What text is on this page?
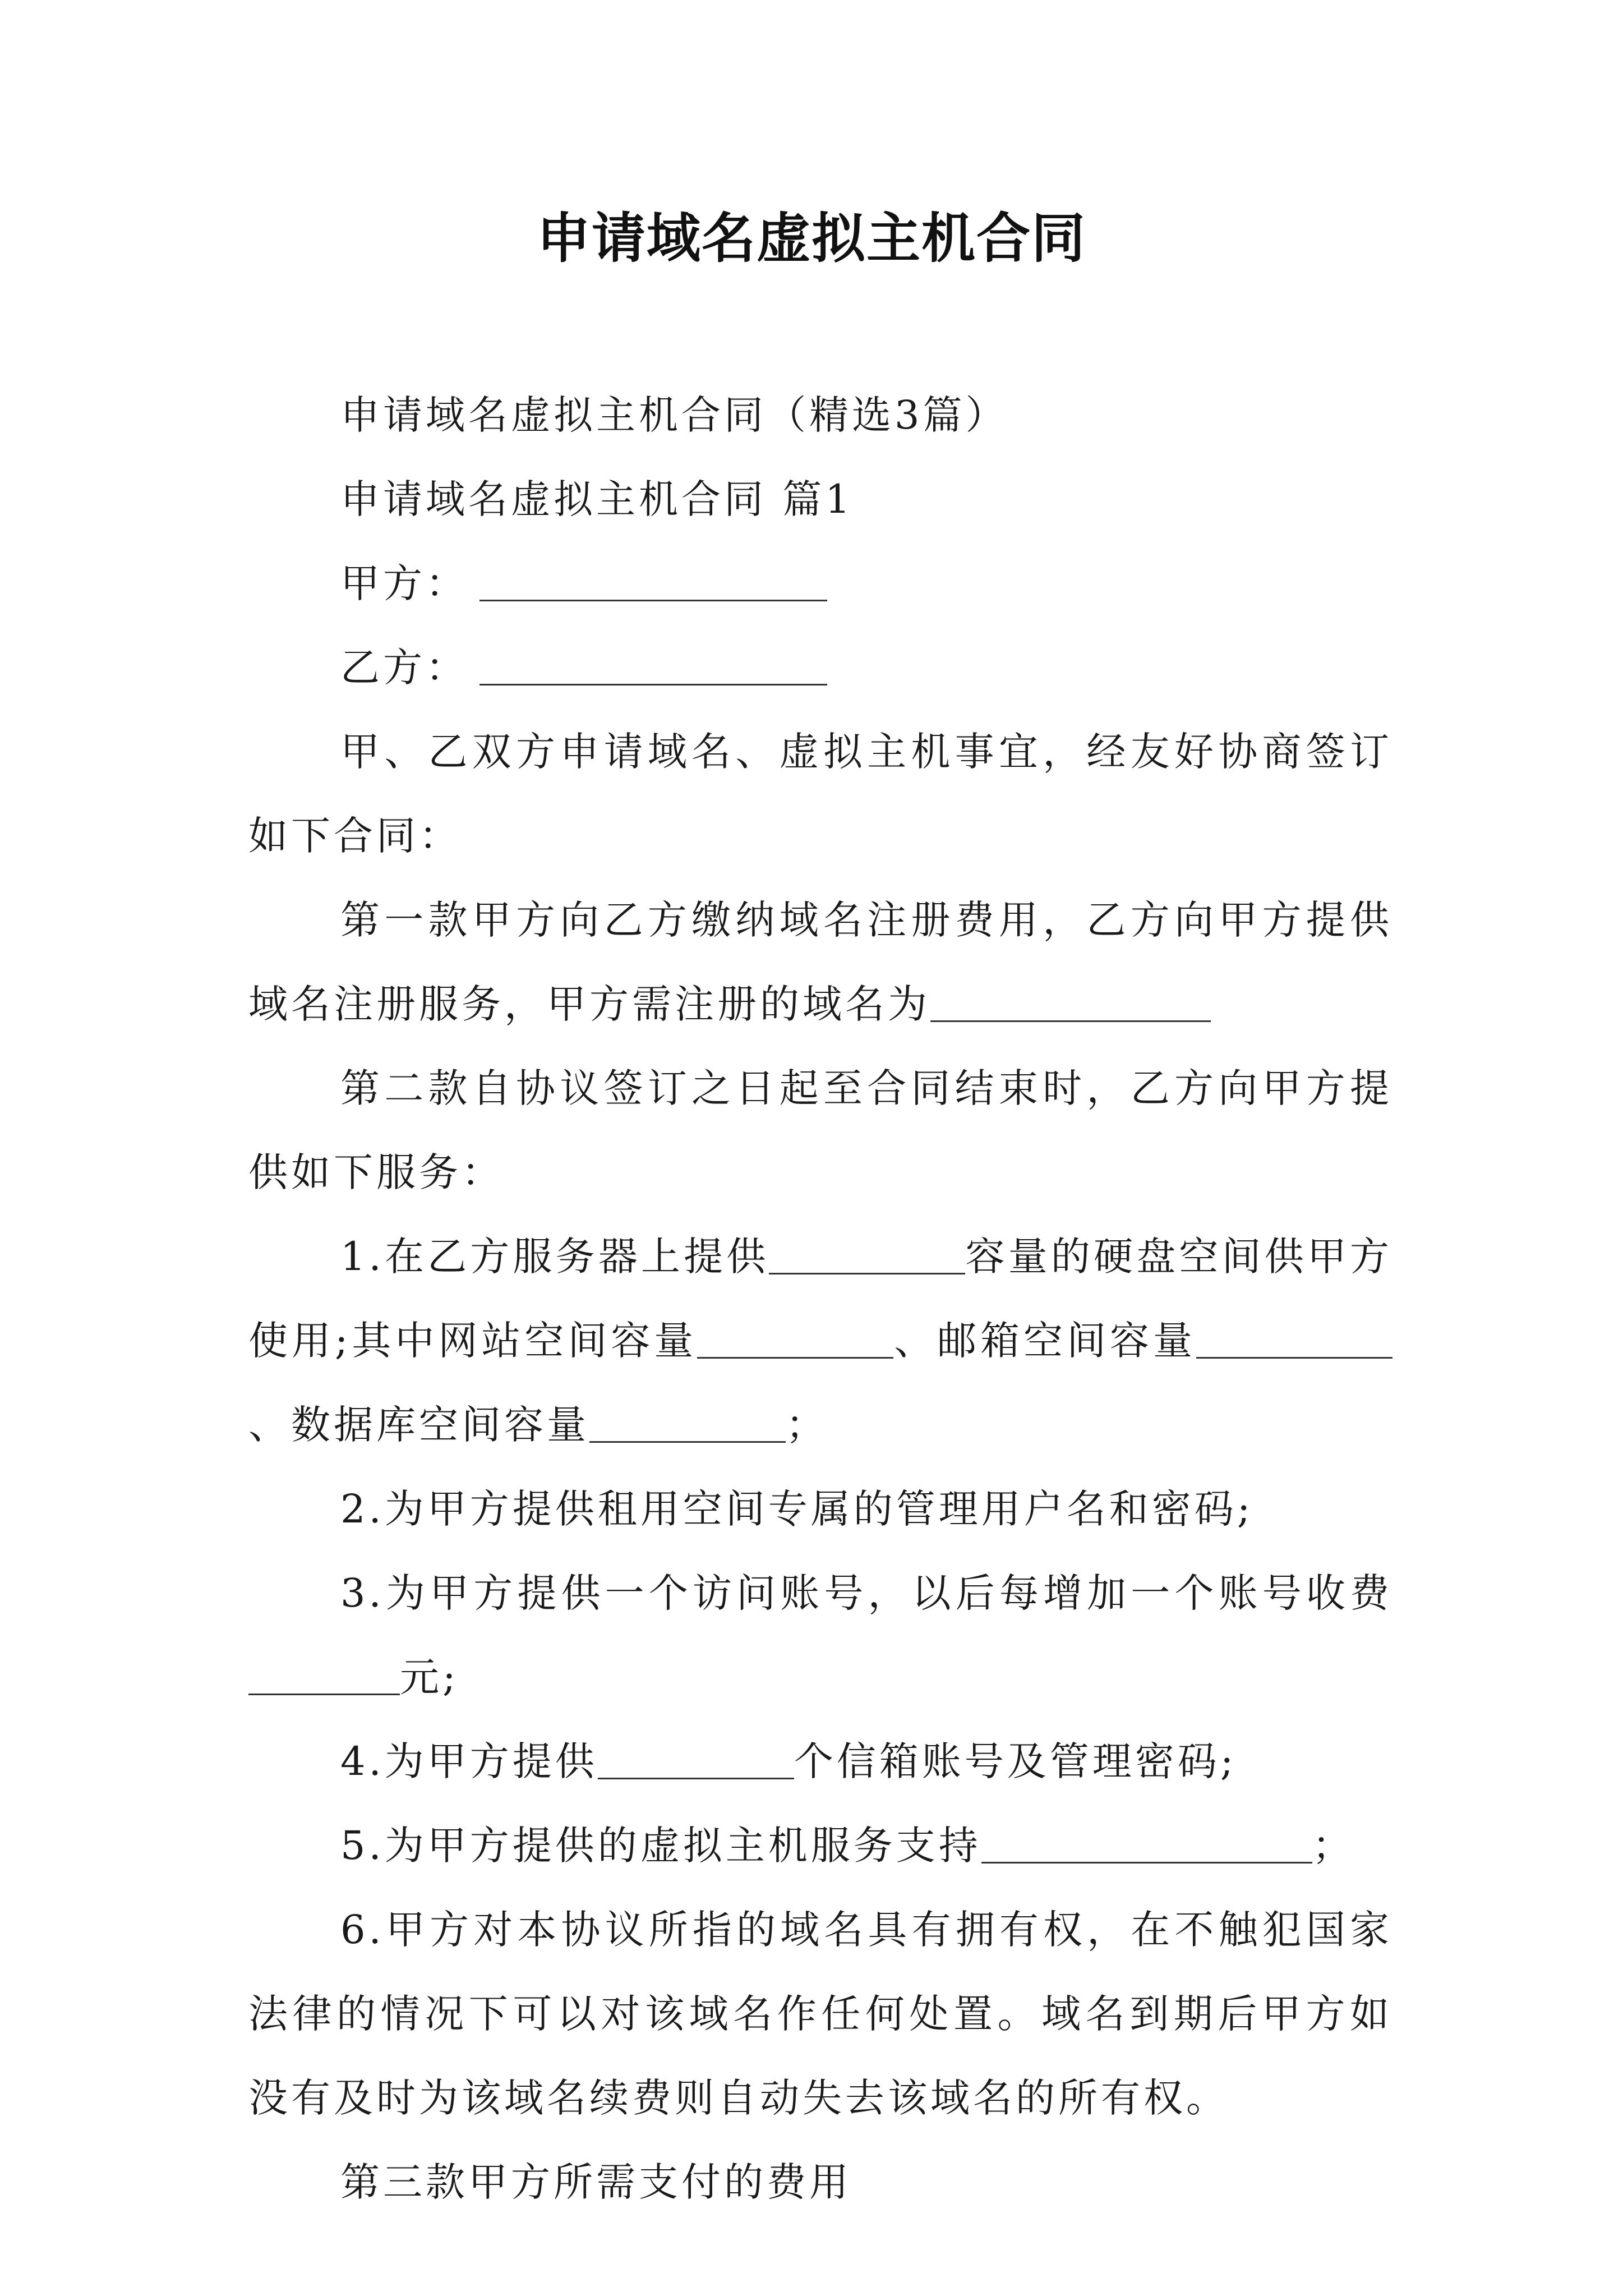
申请域名虚拟主机合同

申请域名虚拟主机合同（精选3篇）

申请域名虚拟主机合同 篇1

甲方：

乙方：

甲、乙双方申请域名、虚拟主机事宜，经友好协商签订如下合同：

第一款甲方向乙方缴纳域名注册费用，乙方向甲方提供域名注册服务，甲方需注册的域名为

第二款自协议签订之日起至合同结束时，乙方向甲方提供如下服务：

1.在乙方服务器上提供	容量的硬盘空间供甲方使用;其中网站空间容量	、邮箱空间容量、数据库空间容量	；

2.为甲方提供租用空间专属的管理用户名和密码;

3.为甲方提供一个访问账号，以后每增加一个账号收费元;

4.为甲方提供	个信箱账号及管理密码;

5.为甲方提供的虚拟主机服务支持	；

6.甲方对本协议所指的域名具有拥有权，在不触犯国家法律的情况下可以对该域名作任何处置。域名到期后甲方如没有及时为该域名续费则自动失去该域名的所有权。

第三款甲方所需支付的费用
